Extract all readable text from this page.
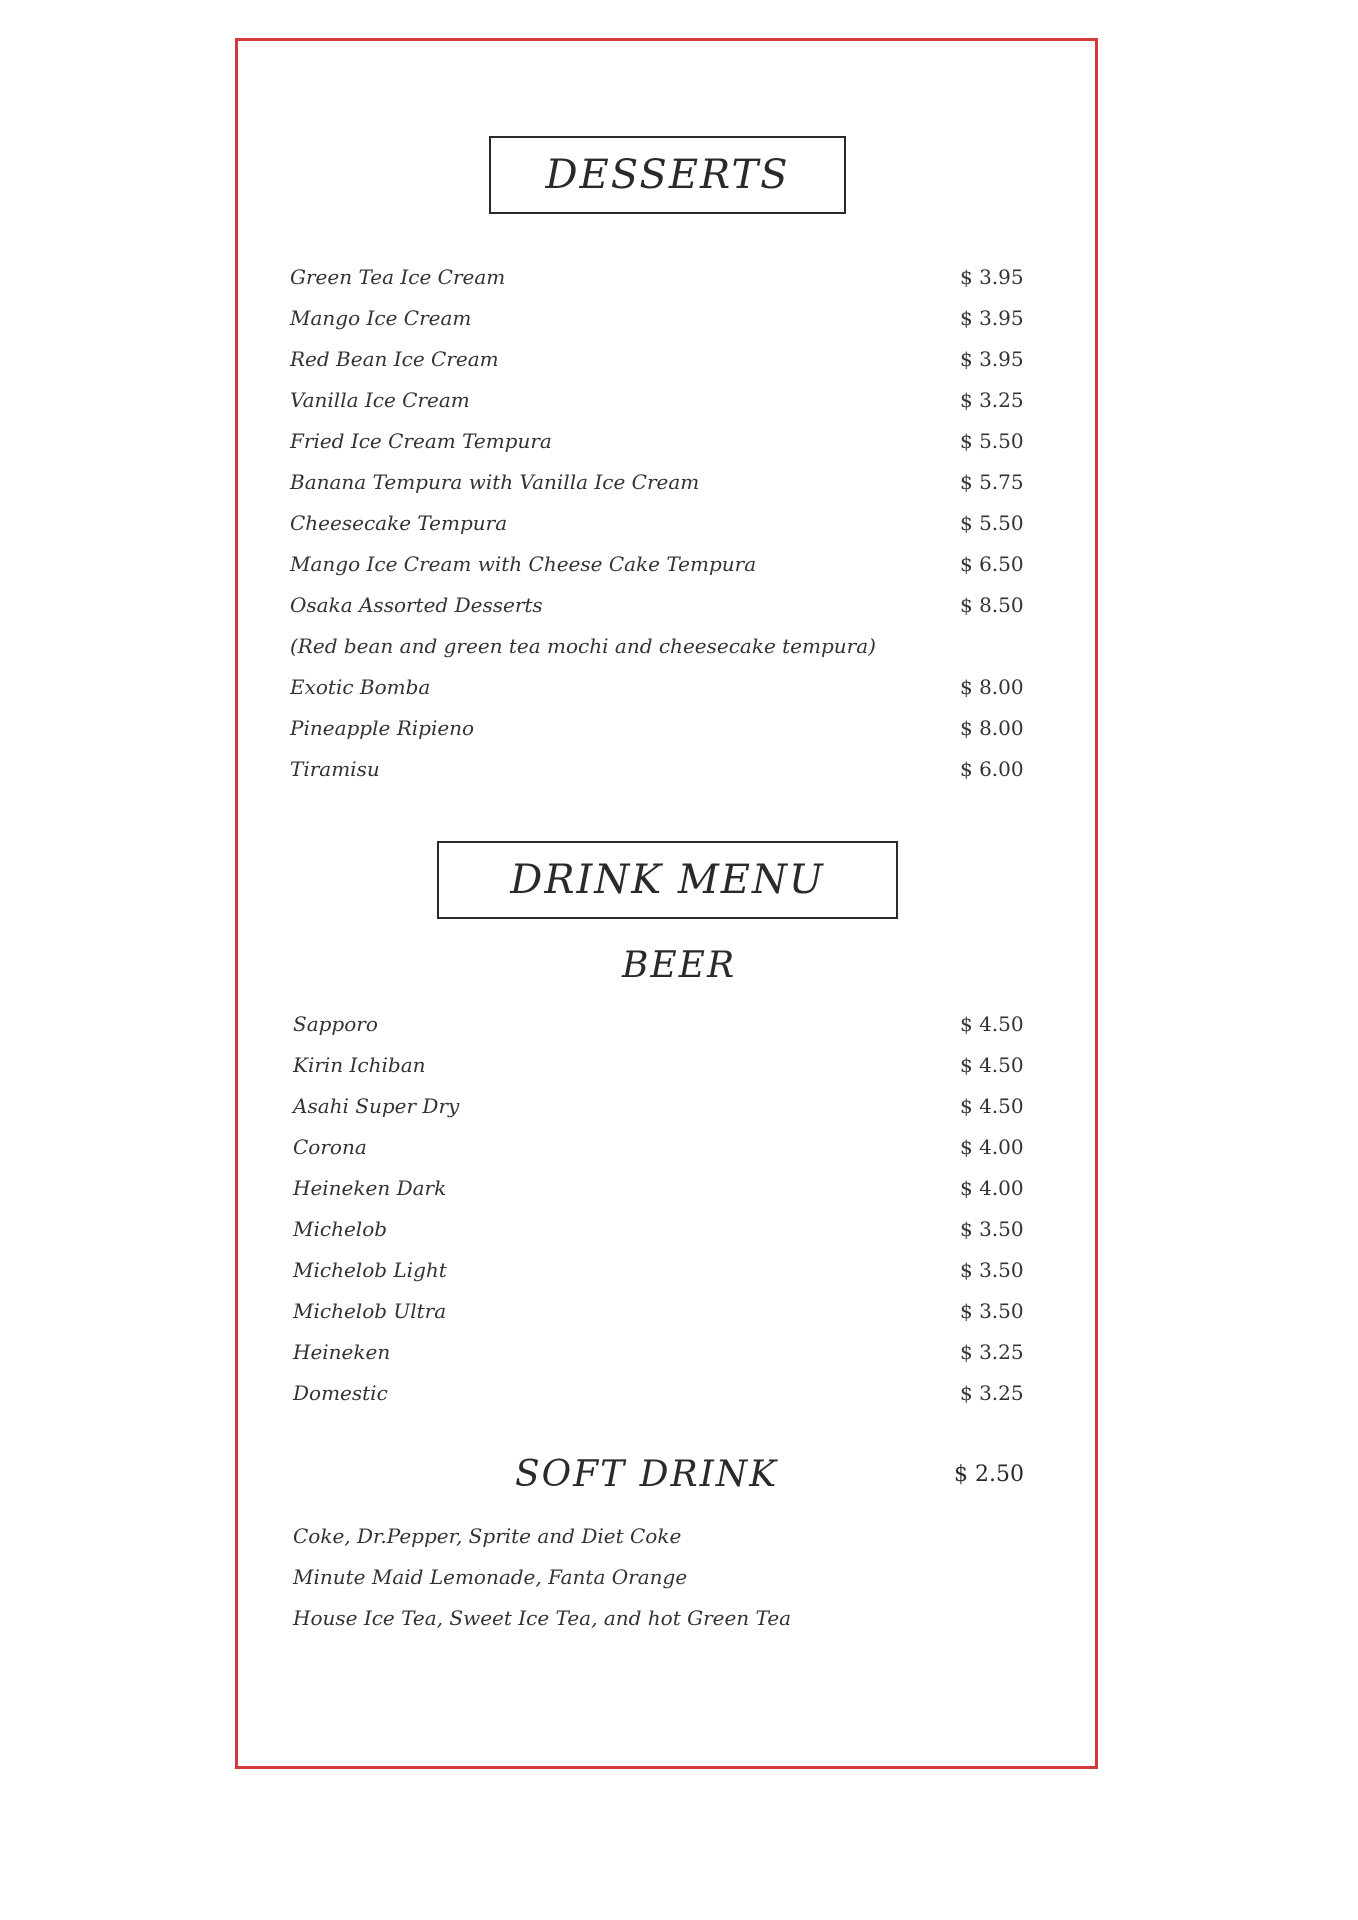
DESSERTS
Green Tea Ice Cream	$ 3.95
Mango Ice Cream	$ 3.95
Red Bean Ice Cream	$ 3.95
Vanilla Ice Cream	$ 3.25
Fried Ice Cream Tempura	$ 5.50
Banana Tempura with Vanilla Ice Cream	$ 5.75
Cheesecake Tempura	$ 5.50
Mango Ice Cream with Cheese Cake Tempura	$ 6.50
Osaka Assorted Desserts	$ 8.50
(Red bean and green tea mochi and cheesecake tempura)
Exotic Bomba	$ 8.00
Pineapple Ripieno	$ 8.00
Tiramisu	$ 6.00
DRINK MENU
BEER
Sapporo	$ 4.50
Kirin Ichiban	$ 4.50
Asahi Super Dry	$ 4.50
Corona	$ 4.00
Heineken Dark	$ 4.00
Michelob	$ 3.50
Michelob Light	$ 3.50
Michelob Ultra	$ 3.50
Heineken	$ 3.25
Domestic	$ 3.25
SOFT DRINK	$ 2.50
Coke, Dr.Pepper, Sprite and Diet Coke
Minute Maid Lemonade, Fanta Orange
House Ice Tea, Sweet Ice Tea, and hot Green Tea
